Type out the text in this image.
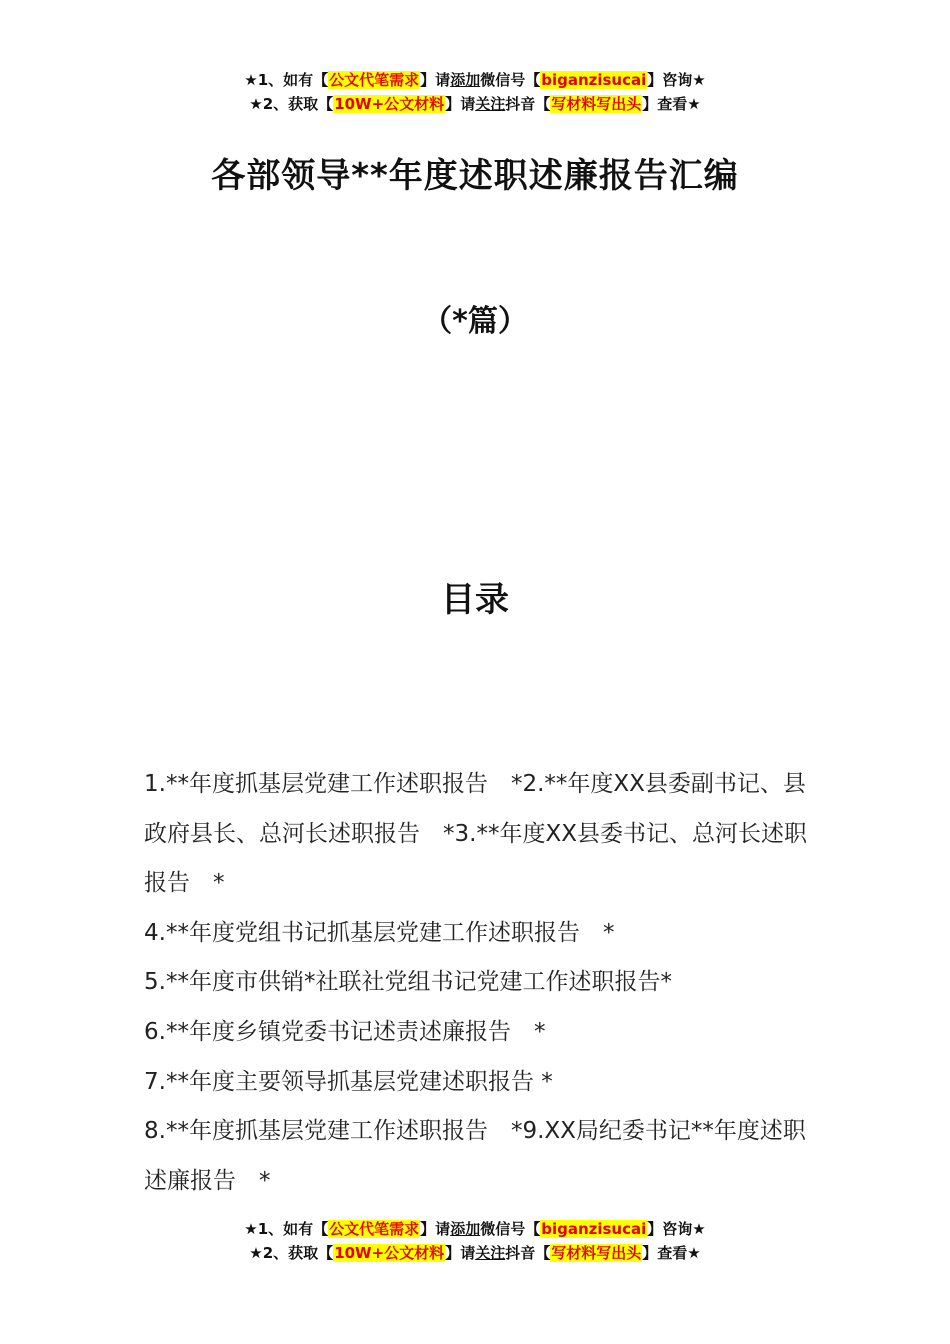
★1、如有【公文代笔需求】请添加微信号【biganzisucai】咨询★
★2、获取【10W+公文材料】请关注抖音【写材料写出头】查看★
各部领导**年度述职述廉报告汇编
（*篇）
目录

1.**年度抓基层党建工作述职报告　*2.**年度XX县委副书记、县政府县长、总河长述职报告　*3.**年度XX县委书记、总河长述职报告　*

4.**年度党组书记抓基层党建工作述职报告　*

5.**年度市供销*社联社党组书记党建工作述职报告*

6.**年度乡镇党委书记述责述廉报告　*

7.**年度主要领导抓基层党建述职报告 *

8.**年度抓基层党建工作述职报告　*9.XX局纪委书记**年度述职述廉报告　*

★1、如有【公文代笔需求】请添加微信号【biganzisucai】咨询★
★2、获取【10W+公文材料】请关注抖音【写材料写出头】查看★
